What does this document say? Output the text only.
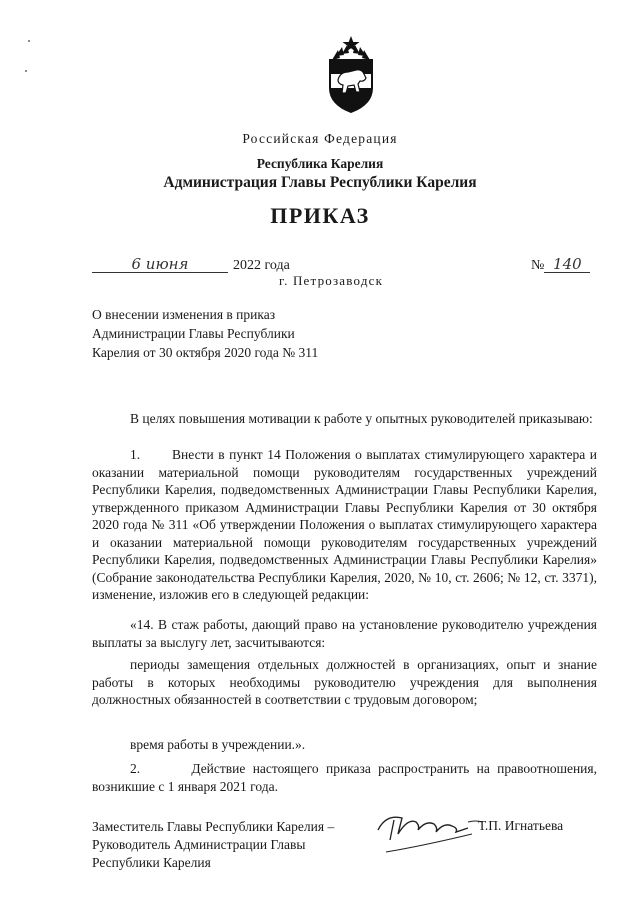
Российская Федерация
Республика Карелия
Администрация Главы Республики Карелия
ПРИКАЗ
6 июня	2022 года
г. Петрозаводск
№ 140
О внесении изменения в приказ
Администрации Главы Республики
Карелия от 30 октября 2020 года № 311
В целях повышения мотивации к работе у опытных руководителей приказываю:
1.       Внести в пункт 14 Положения о выплатах стимулирующего характера и оказании материальной помощи руководителям государственных учреждений Республики Карелия, подведомственных Администрации Главы Республики Карелия, утвержденного приказом Администрации Главы Республики Карелия от 30 октября 2020 года № 311 «Об утверждении Положения о выплатах стимулирующего характера и оказании материальной помощи руководителям государственных учреждений Республики Карелия, подведомственных Администрации Главы Республики Карелия» (Собрание законодательства Республики Карелия, 2020, № 10, ст. 2606; № 12, ст. 3371), изменение, изложив его в следующей редакции:
«14. В стаж работы, дающий право на установление руководителю учреждения выплаты за выслугу лет, засчитываются:
периоды замещения отдельных должностей в организациях, опыт и знание работы в которых необходимы руководителю учреждения для выполнения должностных обязанностей в соответствии с трудовым договором;
время работы в учреждении.».
2.       Действие настоящего приказа распространить на правоотношения, возникшие с 1 января 2021 года.
Заместитель Главы Республики Карелия –
Руководитель Администрации Главы
Республики Карелия
Т.П. Игнатьева
